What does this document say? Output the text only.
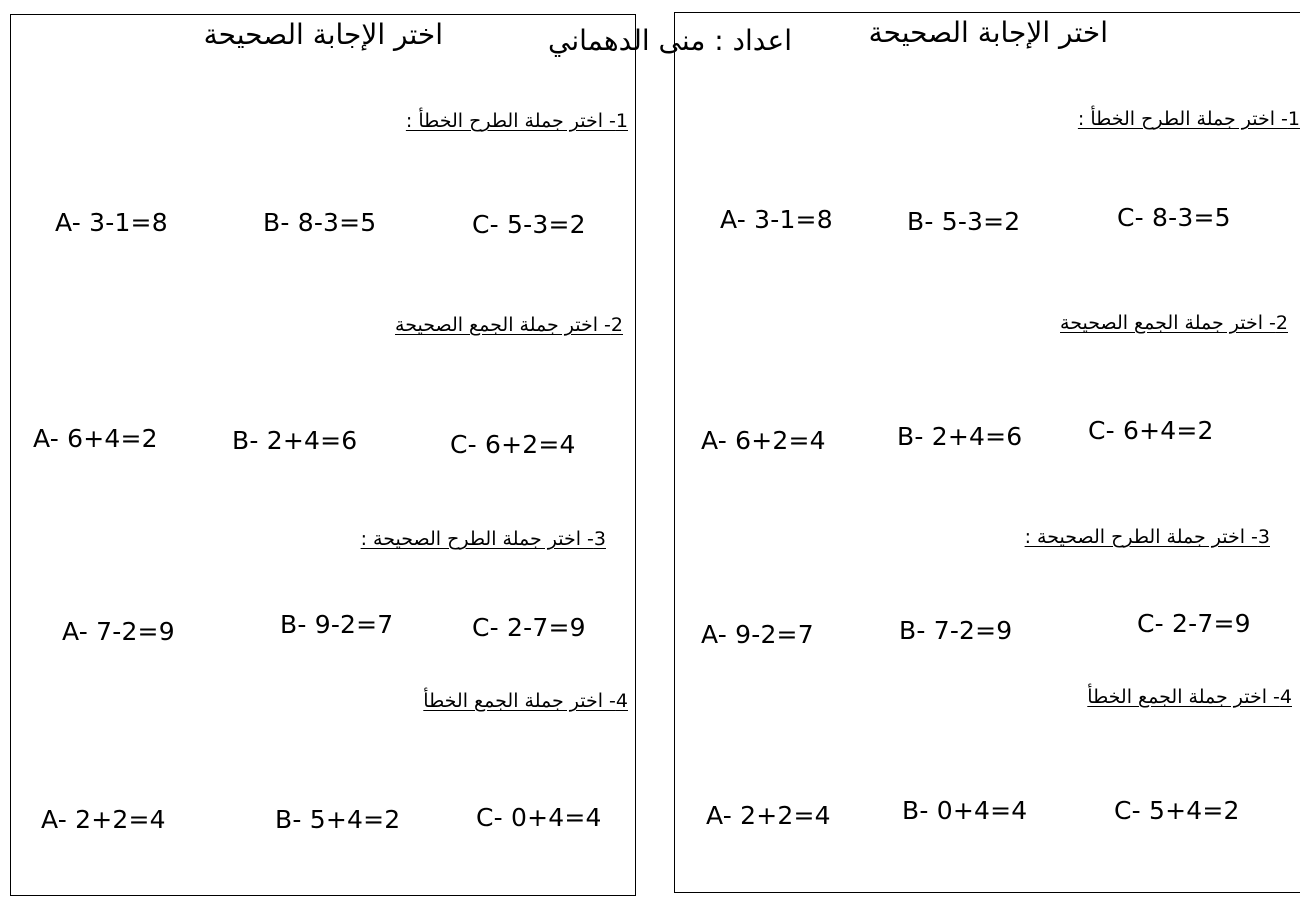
اختر الإجابة الصحيحة	اختر الإجابة الصحيحة
اعداد : منى الدهماني
1- اختر جملة الطرح الخطأ :
A- 3-1=8	B- 8-3=5	C- 5-3=2
2- اختر جملة الجمع الصحيحة
A- 6+4=2	B- 2+4=6	C- 6+2=4
3- اختر جملة الطرح الصحيحة :
A- 7-2=9	B- 9-2=7	C- 2-7=9
4- اختر جملة الجمع الخطأ
A- 2+2=4	B- 5+4=2	C- 0+4=4
1- اختر جملة الطرح الخطأ :
A- 3-1=8	B- 5-3=2	C- 8-3=5
2- اختر جملة الجمع الصحيحة
A- 6+2=4	B- 2+4=6	C- 6+4=2
3- اختر جملة الطرح الصحيحة :
A- 9-2=7	B- 7-2=9	C- 2-7=9
4- اختر جملة الجمع الخطأ
A- 2+2=4	B- 0+4=4	C- 5+4=2
